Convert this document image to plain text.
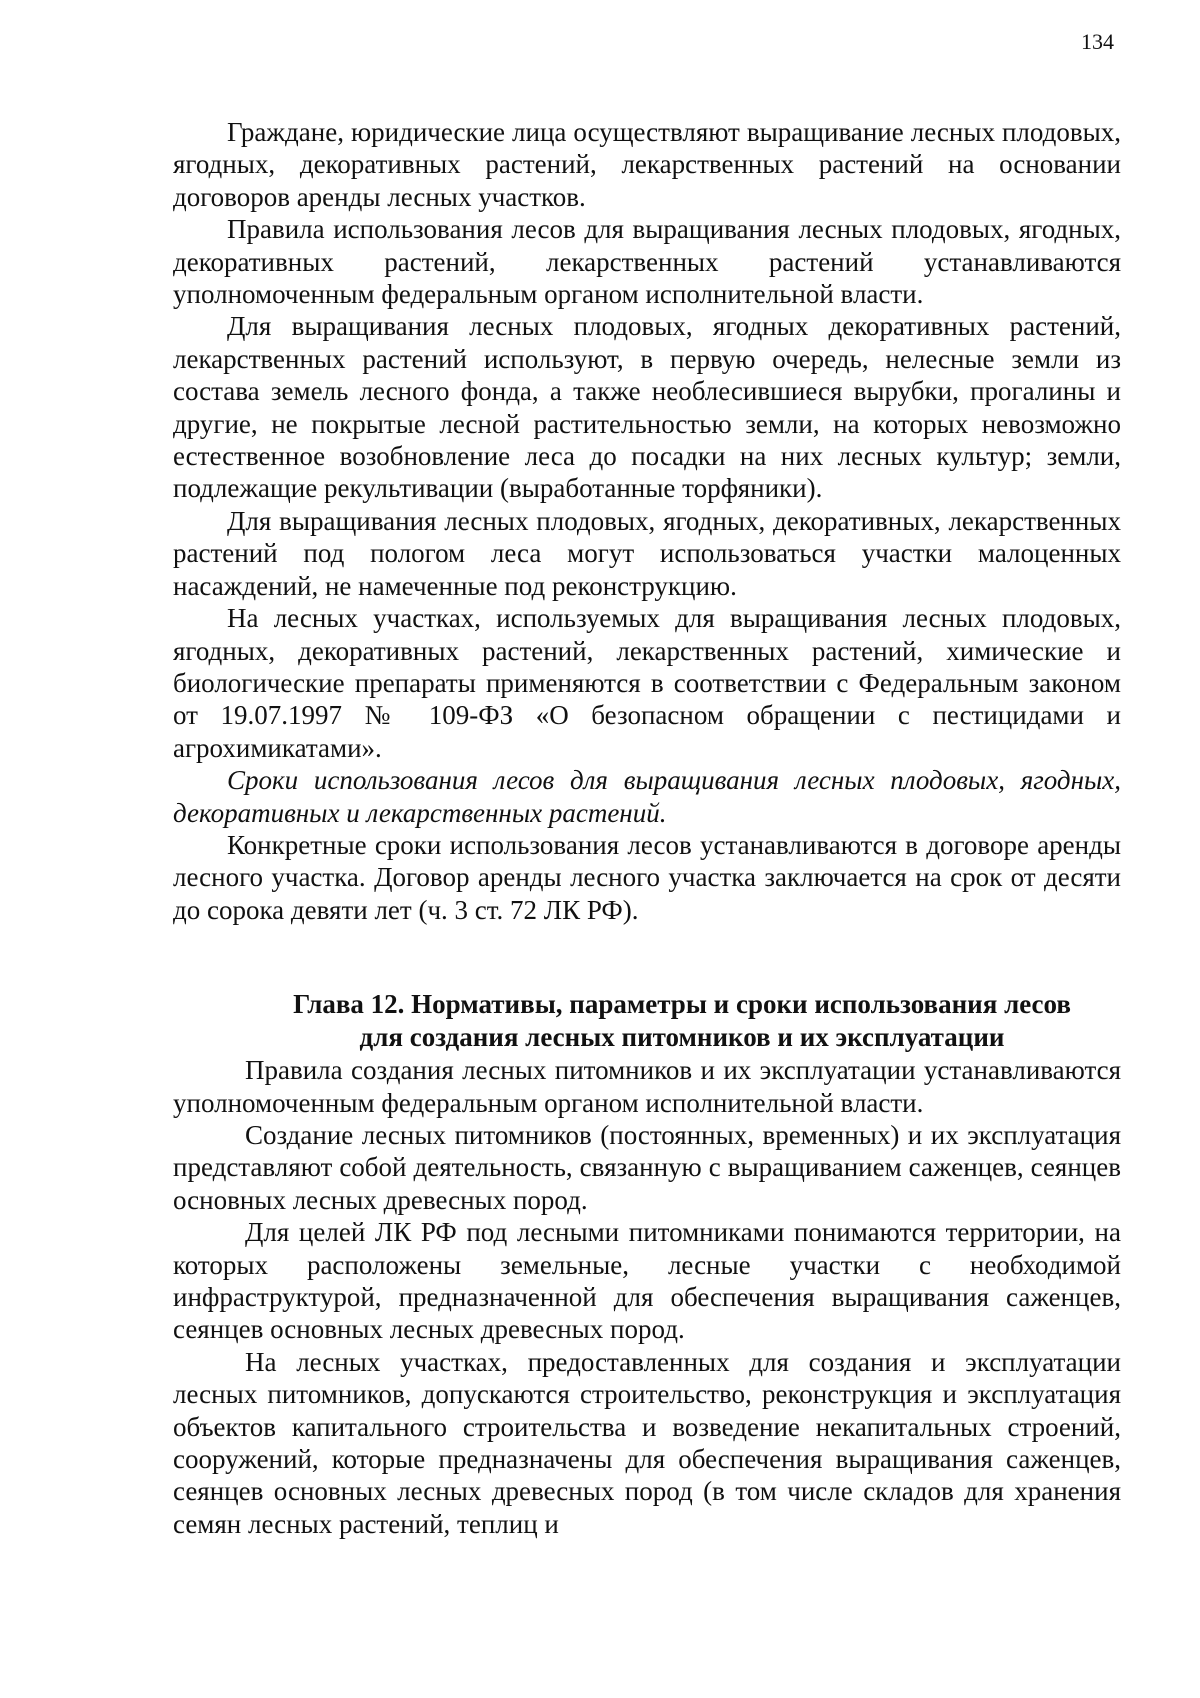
134

Граждане, юридические лица осуществляют выращивание лесных плодовых, ягодных, декоративных растений, лекарственных растений на основании договоров аренды лесных участков.

Правила использования лесов для выращивания лесных плодовых, ягодных, декоративных растений, лекарственных растений устанавливаются уполномоченным федеральным органом исполнительной власти.

Для выращивания лесных плодовых, ягодных декоративных растений, лекарственных растений используют, в первую очередь, нелесные земли из состава земель лесного фонда, а также необлесившиеся вырубки, прогалины и другие, не покрытые лесной растительностью земли, на которых невозможно естественное возобновление леса до посадки на них лесных культур; земли, подлежащие рекультивации (выработанные торфяники).

Для выращивания лесных плодовых, ягодных, декоративных, лекарственных растений под пологом леса могут использоваться участки малоценных насаждений, не намеченные под реконструкцию.

На лесных участках, используемых для выращивания лесных плодовых, ягодных, декоративных растений, лекарственных растений, химические и биологические препараты применяются в соответствии с Федеральным законом от 19.07.1997 № 109-ФЗ «О безопасном обращении с пестицидами и агрохимикатами».

Сроки использования лесов для выращивания лесных плодовых, ягодных, декоративных и лекарственных растений.

Конкретные сроки использования лесов устанавливаются в договоре аренды лесного участка. Договор аренды лесного участка заключается на срок от десяти до сорока девяти лет (ч. 3 ст. 72 ЛК РФ).

Глава 12. Нормативы, параметры и сроки использования лесов
для создания лесных питомников и их эксплуатации

Правила создания лесных питомников и их эксплуатации устанавливаются уполномоченным федеральным органом исполнительной власти.

Создание лесных питомников (постоянных, временных) и их эксплуатация представляют собой деятельность, связанную с выращиванием саженцев, сеянцев основных лесных древесных пород.

Для целей ЛК РФ под лесными питомниками понимаются территории, на которых расположены земельные, лесные участки с необходимой инфраструктурой, предназначенной для обеспечения выращивания саженцев, сеянцев основных лесных древесных пород.

На лесных участках, предоставленных для создания и эксплуатации лесных питомников, допускаются строительство, реконструкция и эксплуатация объектов капитального строительства и возведение некапитальных строений, сооружений, которые предназначены для обеспечения выращивания саженцев, сеянцев основных лесных древесных пород (в том числе складов для хранения семян лесных растений, теплиц и
